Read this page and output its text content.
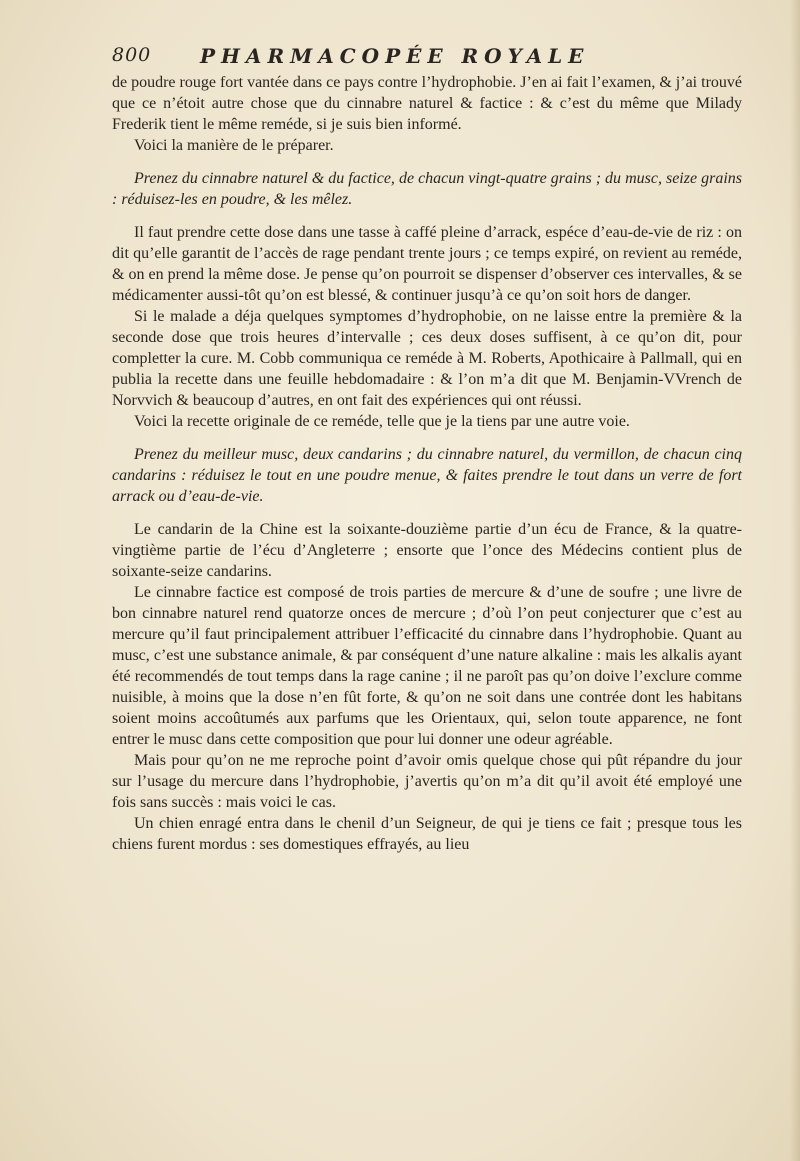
800 PHARMACOPÉE ROYALE

de poudre rouge fort vantée dans ce pays contre l’hydrophobie. J’en ai fait l’examen, & j’ai trouvé que ce n’étoit autre chose que du cinnabre naturel & factice : & c’est du même que Milady Frederik tient le même reméde, si je suis bien informé.

Voici la manière de le préparer.

Prenez du cinnabre naturel & du factice, de chacun vingt-quatre grains ; du musc, seize grains : réduisez-les en poudre, & les mêlez.

Il faut prendre cette dose dans une tasse à caffé pleine d’arrack, espéce d’eau-de-vie de riz : on dit qu’elle garantit de l’accès de rage pendant trente jours ; ce temps expiré, on revient au reméde, & on en prend la même dose. Je pense qu’on pourroit se dispenser d’observer ces intervalles, & se médicamenter aussi-tôt qu’on est blessé, & continuer jusqu’à ce qu’on soit hors de danger.

Si le malade a déja quelques symptomes d’hydrophobie, on ne laisse entre la première & la seconde dose que trois heures d’intervalle ; ces deux doses suffisent, à ce qu’on dit, pour completter la cure. M. Cobb communiqua ce reméde à M. Roberts, Apothicaire à Pallmall, qui en publia la recette dans une feuille hebdomadaire : & l’on m’a dit que M. Benjamin-VVrench de Norvvich & beaucoup d’autres, en ont fait des expériences qui ont réussi.

Voici la recette originale de ce reméde, telle que je la tiens par une autre voie.

Prenez du meilleur musc, deux candarins ; du cinnabre naturel, du vermillon, de chacun cinq candarins : réduisez le tout en une poudre menue, & faites prendre le tout dans un verre de fort arrack ou d’eau-de-vie.

Le candarin de la Chine est la soixante-douzième partie d’un écu de France, & la quatre-vingtième partie de l’écu d’Angleterre ; ensorte que l’once des Médecins contient plus de soixante-seize candarins.

Le cinnabre factice est composé de trois parties de mercure & d’une de soufre ; une livre de bon cinnabre naturel rend quatorze onces de mercure ; d’où l’on peut conjecturer que c’est au mercure qu’il faut principalement attribuer l’efficacité du cinnabre dans l’hydrophobie. Quant au musc, c’est une substance animale, & par conséquent d’une nature alkaline : mais les alkalis ayant été recommendés de tout temps dans la rage canine ; il ne paroît pas qu’on doive l’exclure comme nuisible, à moins que la dose n’en fût forte, & qu’on ne soit dans une contrée dont les habitans soient moins accoûtumés aux parfums que les Orientaux, qui, selon toute apparence, ne font entrer le musc dans cette composition que pour lui donner une odeur agréable.

Mais pour qu’on ne me reproche point d’avoir omis quelque chose qui pût répandre du jour sur l’usage du mercure dans l’hydrophobie, j’avertis qu’on m’a dit qu’il avoit été employé une fois sans succès : mais voici le cas.

Un chien enragé entra dans le chenil d’un Seigneur, de qui je tiens ce fait ; presque tous les chiens furent mordus : ses domestiques effrayés, au lieu
